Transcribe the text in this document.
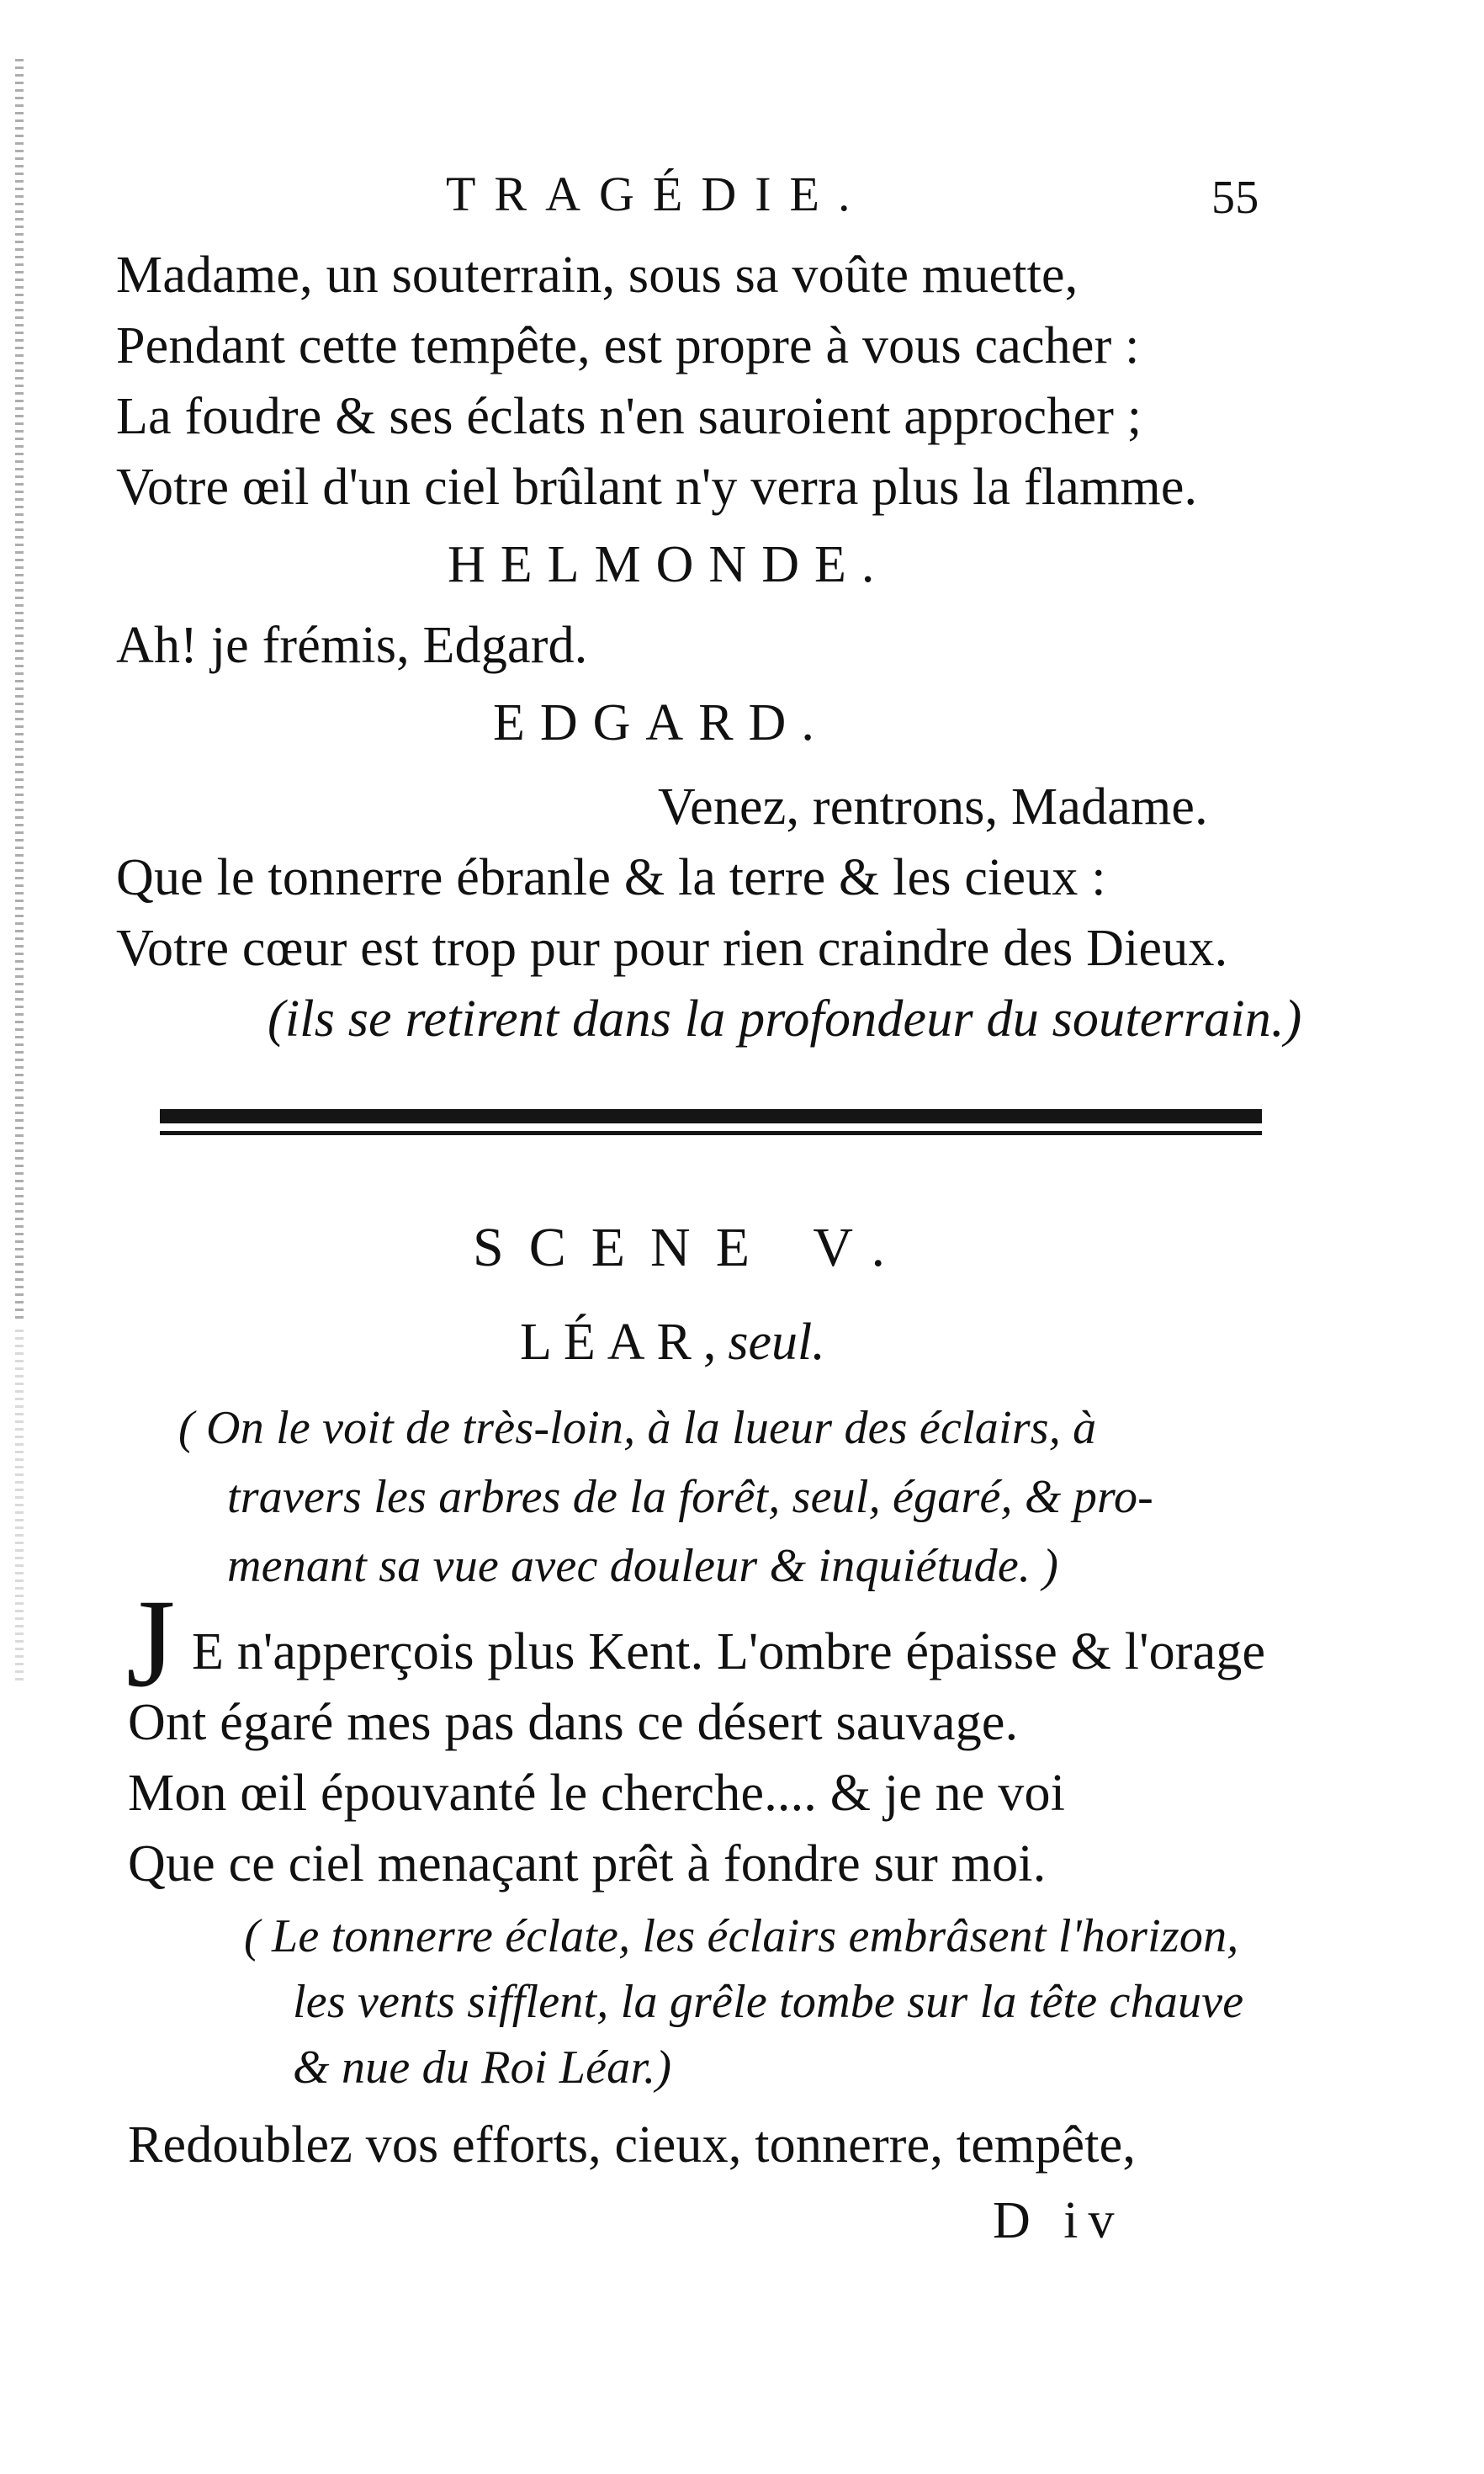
TRAGÉDIE.	55

Madame, un souterrain, sous sa voûte muette,

Pendant cette tempête, est propre à vous cacher :

La foudre & ses éclats n'en sauroient approcher ;

Votre œil d'un ciel brûlant n'y verra plus la flamme.

HELMONDE.

Ah! je frémis, Edgard.

EDGARD.

Venez, rentrons, Madame.

Que le tonnerre ébranle & la terre & les cieux :

Votre cœur est trop pur pour rien craindre des Dieux.

(ils se retirent dans la profondeur du souterrain.)

SCENE V.

LÉAR,seul.

( On le voit de très-loin, à la lueur des éclairs, à

travers les arbres de la forêt, seul, égaré, & pro-

menant sa vue avec douleur & inquiétude. )

J E n'apperçois plus Kent. L'ombre épaisse & l'orage

Ont égaré mes pas dans ce désert sauvage.

Mon œil épouvanté le cherche.... & je ne voi

Que ce ciel menaçant prêt à fondre sur moi.

( Le tonnerre éclate, les éclairs embrâsent l'horizon,

les vents sifflent, la grêle tombe sur la tête chauve

& nue du Roi Léar.)

Redoublez vos efforts, cieux, tonnerre, tempête,

D iv
